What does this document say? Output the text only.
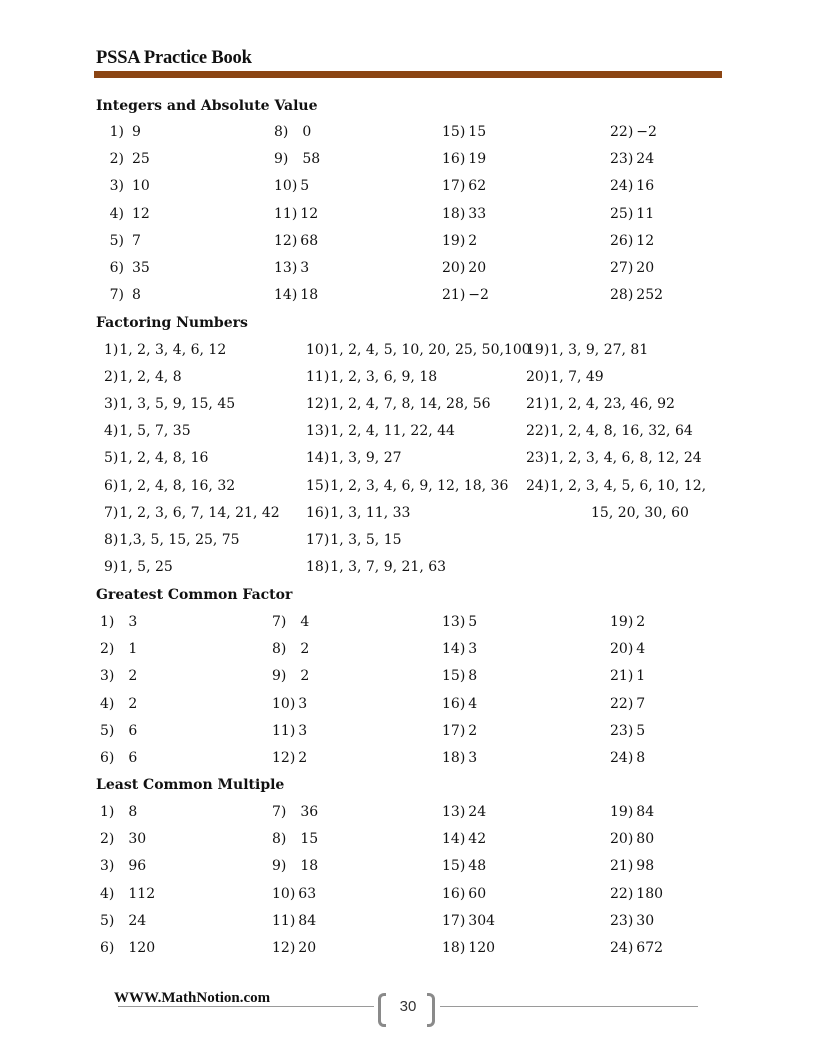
PSSA Practice Book
Integers and Absolute Value
1) 9
2) 25
3) 10
4) 12
5) 7
6) 35
7) 8
8) 0
9) 58
10) 5
11) 12
12) 68
13) 3
14) 18
15) 15
16) 19
17) 62
18) 33
19) 2
20) 20
21) −2
22) −2
23) 24
24) 16
25) 11
26) 12
27) 20
28) 252
Factoring Numbers
1)1, 2, 3, 4, 6, 12
2)1, 2, 4, 8
3)1, 3, 5, 9, 15, 45
4)1, 5, 7, 35
5)1, 2, 4, 8, 16
6)1, 2, 4, 8, 16, 32
7)1, 2, 3, 6, 7, 14, 21, 42
8)1,3, 5, 15, 25, 75
9)1, 5, 25
10)1, 2, 4, 5, 10, 20, 25, 50,100
11)1, 2, 3, 6, 9, 18
12)1, 2, 4, 7, 8, 14, 28, 56
13)1, 2, 4, 11, 22, 44
14)1, 3, 9, 27
15)1, 2, 3, 4, 6, 9, 12, 18, 36
16)1, 3, 11, 33
17)1, 3, 5, 15
18)1, 3, 7, 9, 21, 63
19)1, 3, 9, 27, 81
20)1, 7, 49
21)1, 2, 4, 23, 46, 92
22)1, 2, 4, 8, 16, 32, 64
23)1, 2, 3, 4, 6, 8, 12, 24
24)1, 2, 3, 4, 5, 6, 10, 12,
15, 20, 30, 60
Greatest Common Factor
1) 3
2) 1
3) 2
4) 2
5) 6
6) 6
7) 4
8) 2
9) 2
10) 3
11) 3
12) 2
13) 5
14) 3
15) 8
16) 4
17) 2
18) 3
19) 2
20) 4
21) 1
22) 7
23) 5
24) 8
Least Common Multiple
1) 8
2) 30
3) 96
4) 112
5) 24
6) 120
7) 36
8) 15
9) 18
10) 63
11) 84
12) 20
13) 24
14) 42
15) 48
16) 60
17) 304
18) 120
19) 84
20) 80
21) 98
22) 180
23) 30
24) 672
WWW.MathNotion.com	30
